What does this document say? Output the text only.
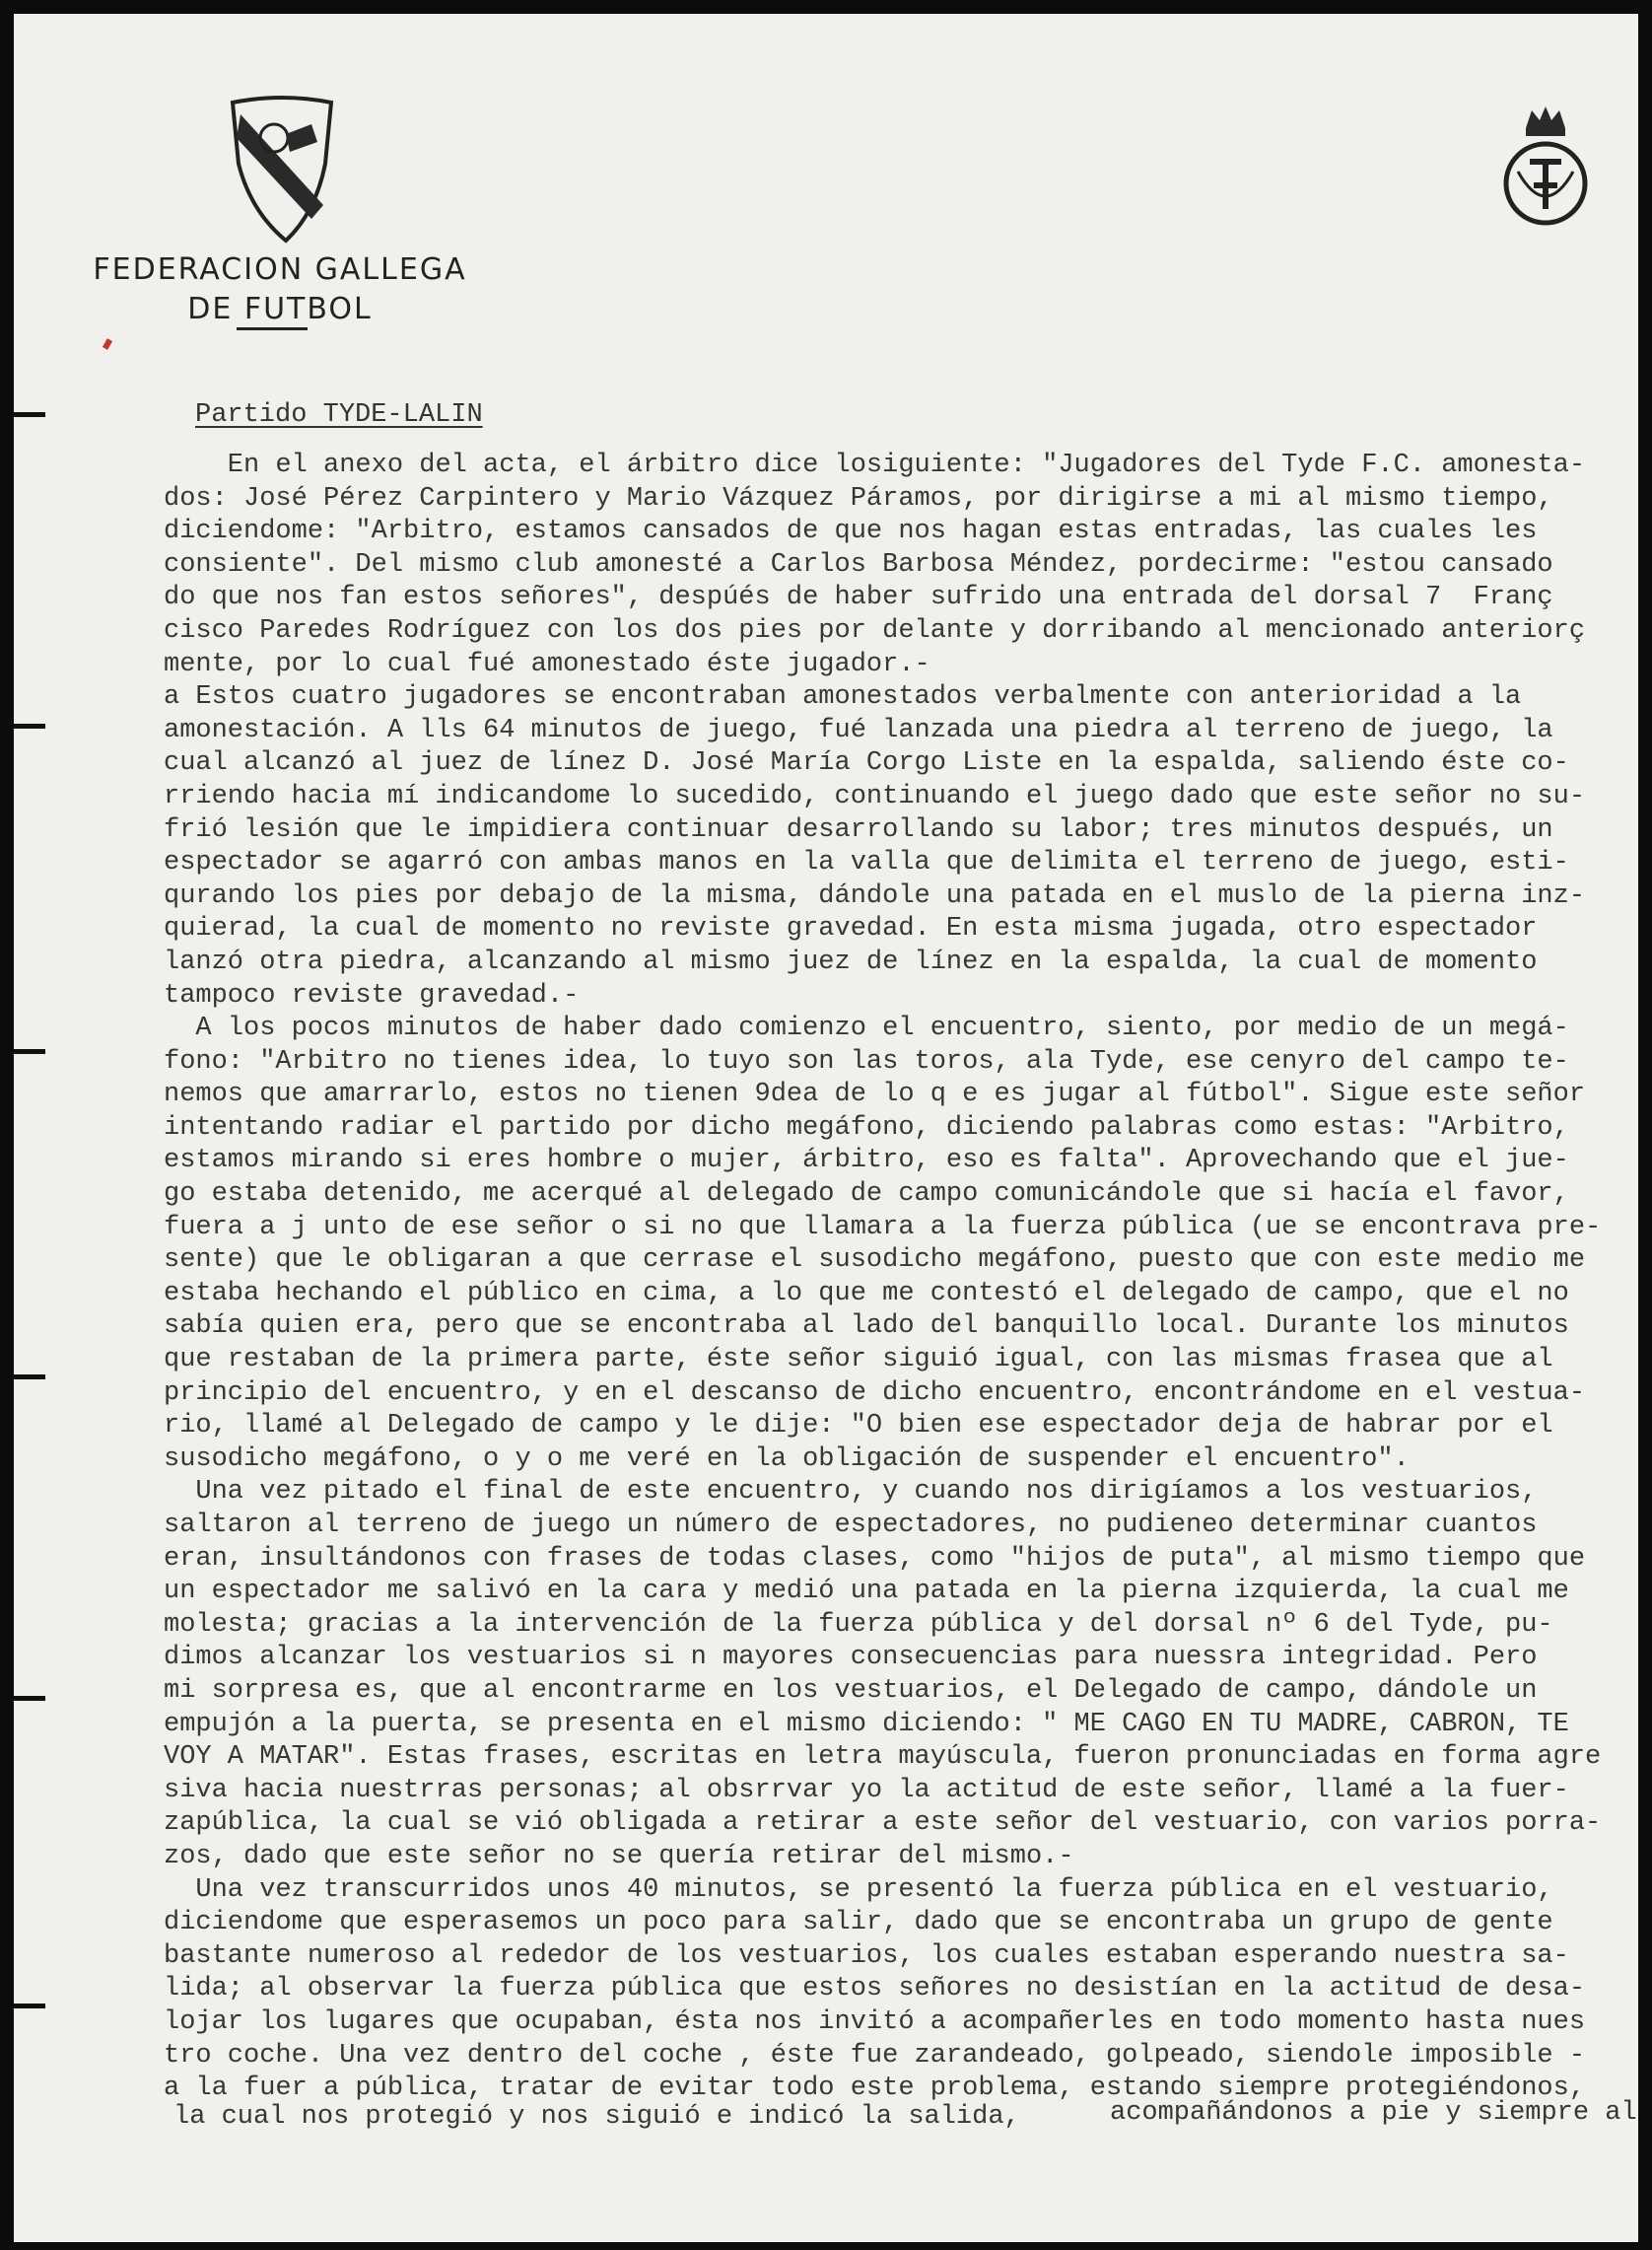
FEDERACION GALLEGA
DE FUTBOL
Partido TYDE-LALIN
En el anexo del acta, el árbitro dice losiguiente: "Jugadores del Tyde F.C. amonesta-
dos: José Pérez Carpintero y Mario Vázquez Páramos, por dirigirse a mi al mismo tiempo,
diciendome: "Arbitro, estamos cansados de que nos hagan estas entradas, las cuales les
consiente". Del mismo club amonesté a Carlos Barbosa Méndez, pordecirme: "estou cansado
do que nos fan estos señores", despúés de haber sufrido una entrada del dorsal 7  Franç
cisco Paredes Rodríguez con los dos pies por delante y dorribando al mencionado anteriorç
mente, por lo cual fué amonestado éste jugador.-
a Estos cuatro jugadores se encontraban amonestados verbalmente con anterioridad a la
amonestación. A lls 64 minutos de juego, fué lanzada una piedra al terreno de juego, la
cual alcanzó al juez de línez D. José María Corgo Liste en la espalda, saliendo éste co-
rriendo hacia mí indicandome lo sucedido, continuando el juego dado que este señor no su-
frió lesión que le impidiera continuar desarrollando su labor; tres minutos después, un
espectador se agarró con ambas manos en la valla que delimita el terreno de juego, esti-
qurando los pies por debajo de la misma, dándole una patada en el muslo de la pierna inz-
quierad, la cual de momento no reviste gravedad. En esta misma jugada, otro espectador
lanzó otra piedra, alcanzando al mismo juez de línez en la espalda, la cual de momento
tampoco reviste gravedad.-
A los pocos minutos de haber dado comienzo el encuentro, siento, por medio de un megá-
fono: "Arbitro no tienes idea, lo tuyo son las toros, ala Tyde, ese cenyro del campo te-
nemos que amarrarlo, estos no tienen 9dea de lo q e es jugar al fútbol". Sigue este señor
intentando radiar el partido por dicho megáfono, diciendo palabras como estas: "Arbitro,
estamos mirando si eres hombre o mujer, árbitro, eso es falta". Aprovechando que el jue-
go estaba detenido, me acerqué al delegado de campo comunicándole que si hacía el favor,
fuera a j unto de ese señor o si no que llamara a la fuerza pública (ue se encontrava pre-
sente) que le obligaran a que cerrase el susodicho megáfono, puesto que con este medio me
estaba hechando el público en cima, a lo que me contestó el delegado de campo, que el no
sabía quien era, pero que se encontraba al lado del banquillo local. Durante los minutos
que restaban de la primera parte, éste señor siguió igual, con las mismas frasea que al
principio del encuentro, y en el descanso de dicho encuentro, encontrándome en el vestua-
rio, llamé al Delegado de campo y le dije: "O bien ese espectador deja de habrar por el
susodicho megáfono, o y o me veré en la obligación de suspender el encuentro".
Una vez pitado el final de este encuentro, y cuando nos dirigíamos a los vestuarios,
saltaron al terreno de juego un número de espectadores, no pudieneo determinar cuantos
eran, insultándonos con frases de todas clases, como "hijos de puta", al mismo tiempo que
un espectador me salivó en la cara y medió una patada en la pierna izquierda, la cual me
molesta; gracias a la intervención de la fuerza pública y del dorsal nº 6 del Tyde, pu-
dimos alcanzar los vestuarios si n mayores consecuencias para nuessra integridad. Pero
mi sorpresa es, que al encontrarme en los vestuarios, el Delegado de campo, dándole un
empujón a la puerta, se presenta en el mismo diciendo: " ME CAGO EN TU MADRE, CABRON, TE
VOY A MATAR". Estas frases, escritas en letra mayúscula, fueron pronunciadas en forma agre
siva hacia nuestrras personas; al obsrrvar yo la actitud de este señor, llamé a la fuer-
zapública, la cual se vió obligada a retirar a este señor del vestuario, con varios porra-
zos, dado que este señor no se quería retirar del mismo.-
Una vez transcurridos unos 40 minutos, se presentó la fuerza pública en el vestuario,
diciendome que esperasemos un poco para salir, dado que se encontraba un grupo de gente
bastante numeroso al rededor de los vestuarios, los cuales estaban esperando nuestra sa-
lida; al observar la fuerza pública que estos señores no desistían en la actitud de desa-
lojar los lugares que ocupaban, ésta nos invitó a acompañerles en todo momento hasta nues
tro coche. Una vez dentro del coche , éste fue zarandeado, golpeado, siendole imposible -
a la fuer a pública, tratar de evitar todo este problema, estando siempre protegiéndonos,
la cual nos protegió y nos siguió e indicó la salida,	acompañándonos a pie y siempre al
